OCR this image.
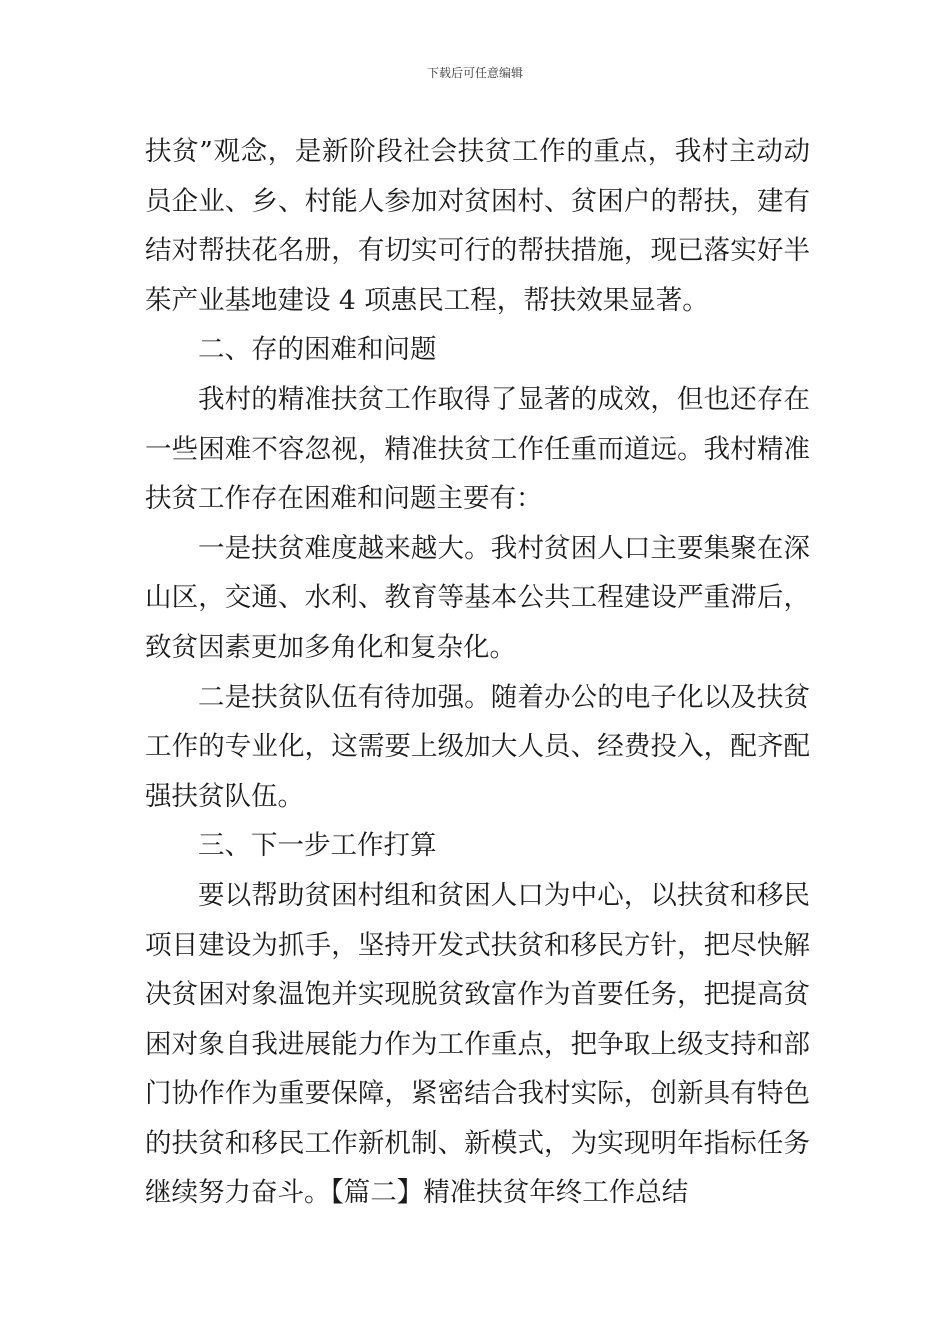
下载后可任意编辑
扶贫”观念，是新阶段社会扶贫工作的重点，我村主动动
员企业、乡、村能人参加对贫困村、贫困户的帮扶，建有
结对帮扶花名册，有切实可行的帮扶措施，现已落实好半
茱产业基地建设 4 项惠民工程，帮扶效果显著。
二、存的困难和问题
我村的精准扶贫工作取得了显著的成效，但也还存在
一些困难不容忽视，精准扶贫工作任重而道远。我村精准
扶贫工作存在困难和问题主要有：
一是扶贫难度越来越大。我村贫困人口主要集聚在深
山区，交通、水利、教育等基本公共工程建设严重滞后，
致贫因素更加多角化和复杂化。
二是扶贫队伍有待加强。随着办公的电子化以及扶贫
工作的专业化，这需要上级加大人员、经费投入，配齐配
强扶贫队伍。
三、下一步工作打算
要以帮助贫困村组和贫困人口为中心，以扶贫和移民
项目建设为抓手，坚持开发式扶贫和移民方针，把尽快解
决贫困对象温饱并实现脱贫致富作为首要任务，把提高贫
困对象自我进展能力作为工作重点，把争取上级支持和部
门协作作为重要保障，紧密结合我村实际，创新具有特色
的扶贫和移民工作新机制、新模式，为实现明年指标任务
继续努力奋斗。【篇二】精准扶贫年终工作总结
